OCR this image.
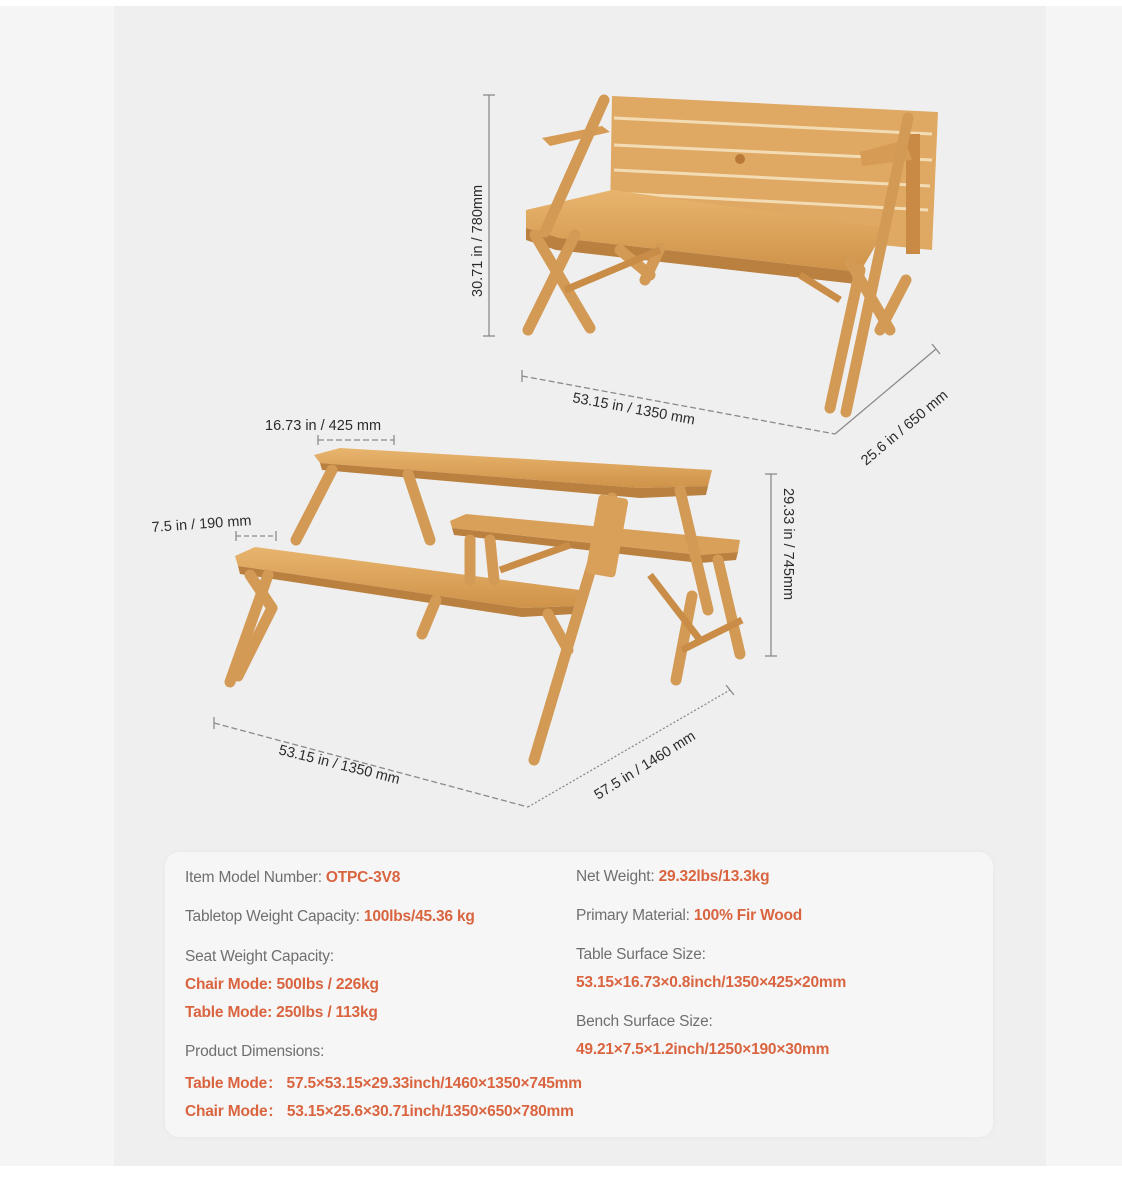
30.71 in / 780mm
53.15 in / 1350 mm	25.6 in / 650 mm
16.73 in / 425 mm
7.5 in / 190 mm	29.33 in / 745mm
53.15 in / 1350 mm	57.5 in / 1460 mm
Item Model Number: OTPC-3V8
Tabletop Weight Capacity: 100lbs/45.36 kg
Seat Weight Capacity:
Chair Mode: 500lbs / 226kg
Table Mode: 250lbs / 113kg
Product Dimensions:
Table Mode： 57.5×53.15×29.33inch/1460×1350×745mm
Chair Mode： 53.15×25.6×30.71inch/1350×650×780mm
Net Weight: 29.32lbs/13.3kg
Primary Material: 100% Fir Wood
Table Surface Size:
53.15×16.73×0.8inch/1350×425×20mm
Bench Surface Size:
49.21×7.5×1.2inch/1250×190×30mm
